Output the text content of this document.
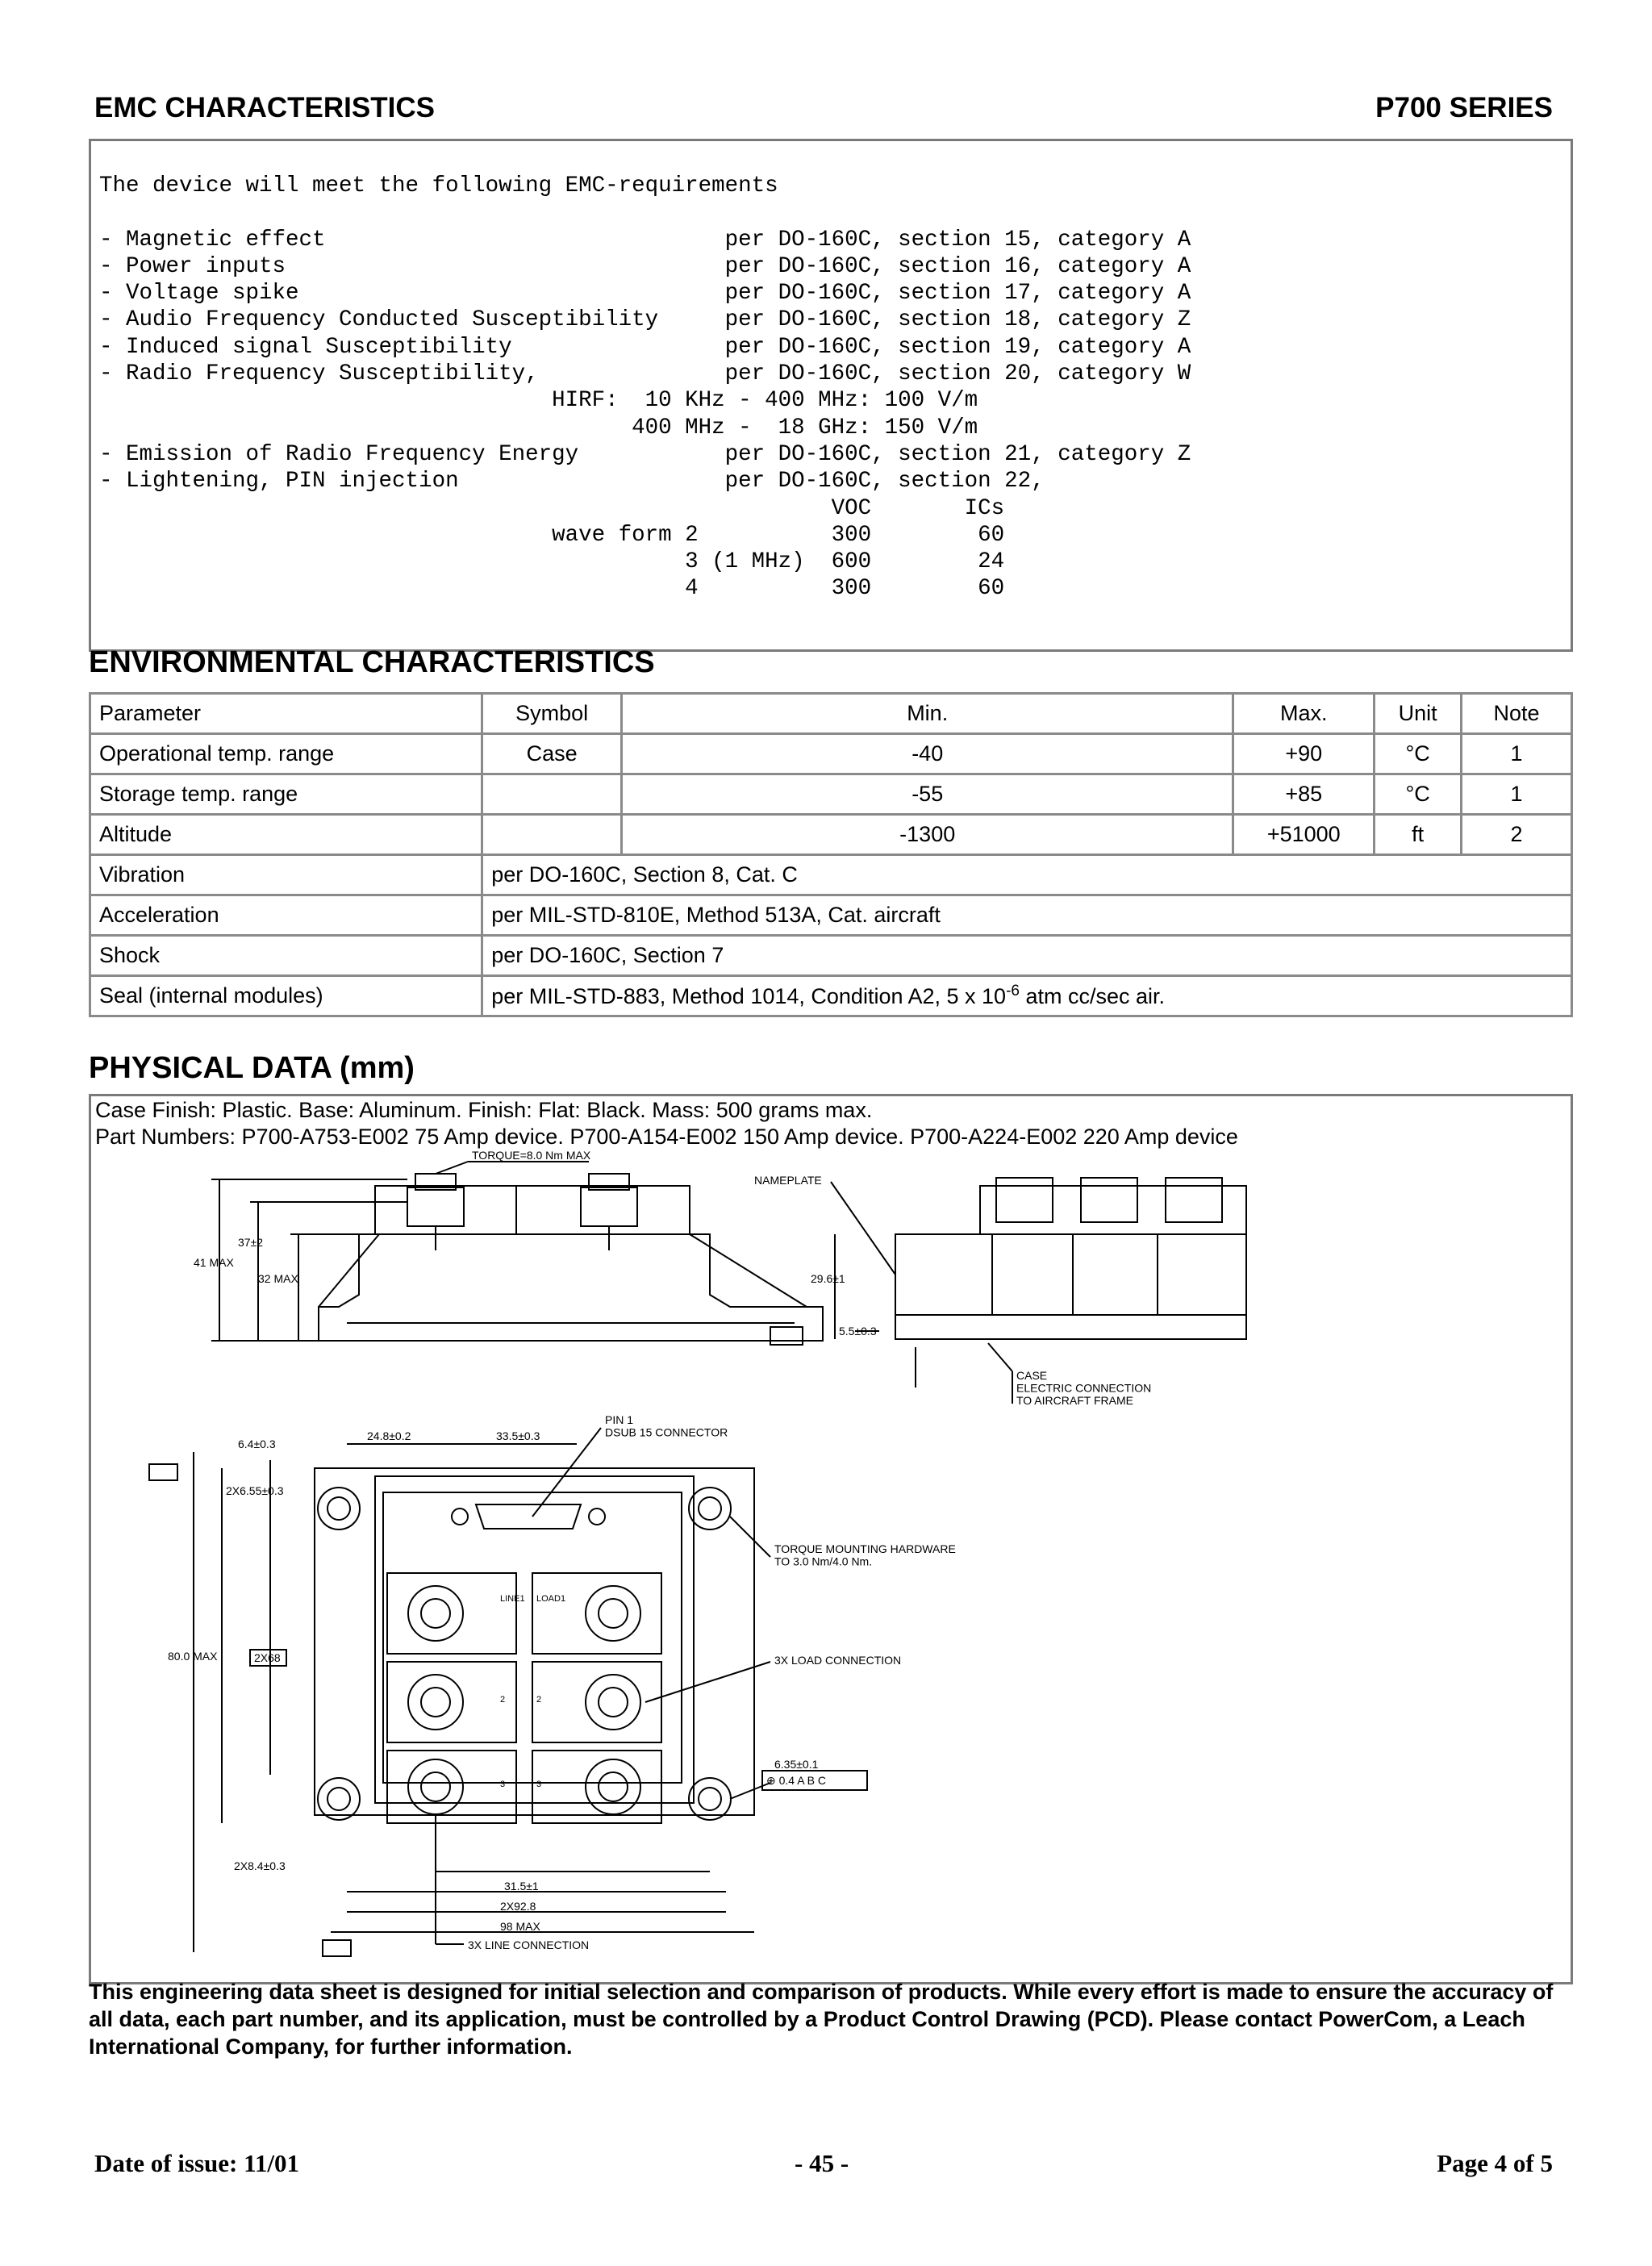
EMC CHARACTERISTICS	P700 SERIES
The device will meet the following EMC-requirements

- Magnetic effect                              per DO-160C, section 15, category A
- Power inputs                                 per DO-160C, section 16, category A
- Voltage spike                                per DO-160C, section 17, category A
- Audio Frequency Conducted Susceptibility     per DO-160C, section 18, category Z
- Induced signal Susceptibility                per DO-160C, section 19, category A
- Radio Frequency Susceptibility,              per DO-160C, section 20, category W
HIRF:  10 KHz - 400 MHz: 100 V/m
400 MHz -  18 GHz: 150 V/m
- Emission of Radio Frequency Energy           per DO-160C, section 21, category Z
- Lightening, PIN injection                    per DO-160C, section 22,
VOC       ICs
wave form 2          300        60
3 (1 MHz)  600        24
4          300        60
ENVIRONMENTAL CHARACTERISTICS
Parameter	Symbol	Min.	Max.	Unit	Note
Operational temp. range	Case	-40	+90	°C	1
Storage temp. range		-55	+85	°C	1
Altitude		-1300	+51000	ft	2
Vibration	per DO-160C, Section 8, Cat. C				
Acceleration	per MIL-STD-810E, Method 513A, Cat. aircraft				
Shock	per DO-160C, Section 7				
Seal (internal modules)	per MIL-STD-883, Method 1014, Condition A2, 5 x $10^{-6}$ atm cc/sec air.				
PHYSICAL DATA (mm)
Case Finish: Plastic. Base: Aluminum. Finish: Flat: Black. Mass: 500 grams max.
Part Numbers: P700-A753-E002 75 Amp device. P700-A154-E002 150 Amp device. P700-A224-E002 220 Amp device
TORQUE=8.0 Nm MAX
NAMEPLATE
41 MAX
37±2
32 MAX	29.6±1
5.5±0.3
CASE ELECTRIC CONNECTION TO AIRCRAFT FRAME
PIN 1 DSUB 15 CONNECTOR
24.8±0.2	33.5±0.3
6.4±0.3
2X6.55±0.3
80.0 MAX	2X68
TORQUE MOUNTING HARDWARE TO 3.0 Nm/4.0 Nm.
3X LOAD CONNECTION
6.35±0.1
⊕ 0.4 A B C
2X8.4±0.3
31.5±1
2X92.8
98 MAX
3X LINE CONNECTION
LINE1 LOAD1
2	2
3	3
This engineering data sheet is designed for initial selection and comparison of products. While every effort is made to ensure the accuracy of all data, each part number, and its application, must be controlled by a Product Control Drawing (PCD). Please contact PowerCom, a Leach International Company, for further information.
Date of issue: 11/01	- 45 -	Page 4 of 5
